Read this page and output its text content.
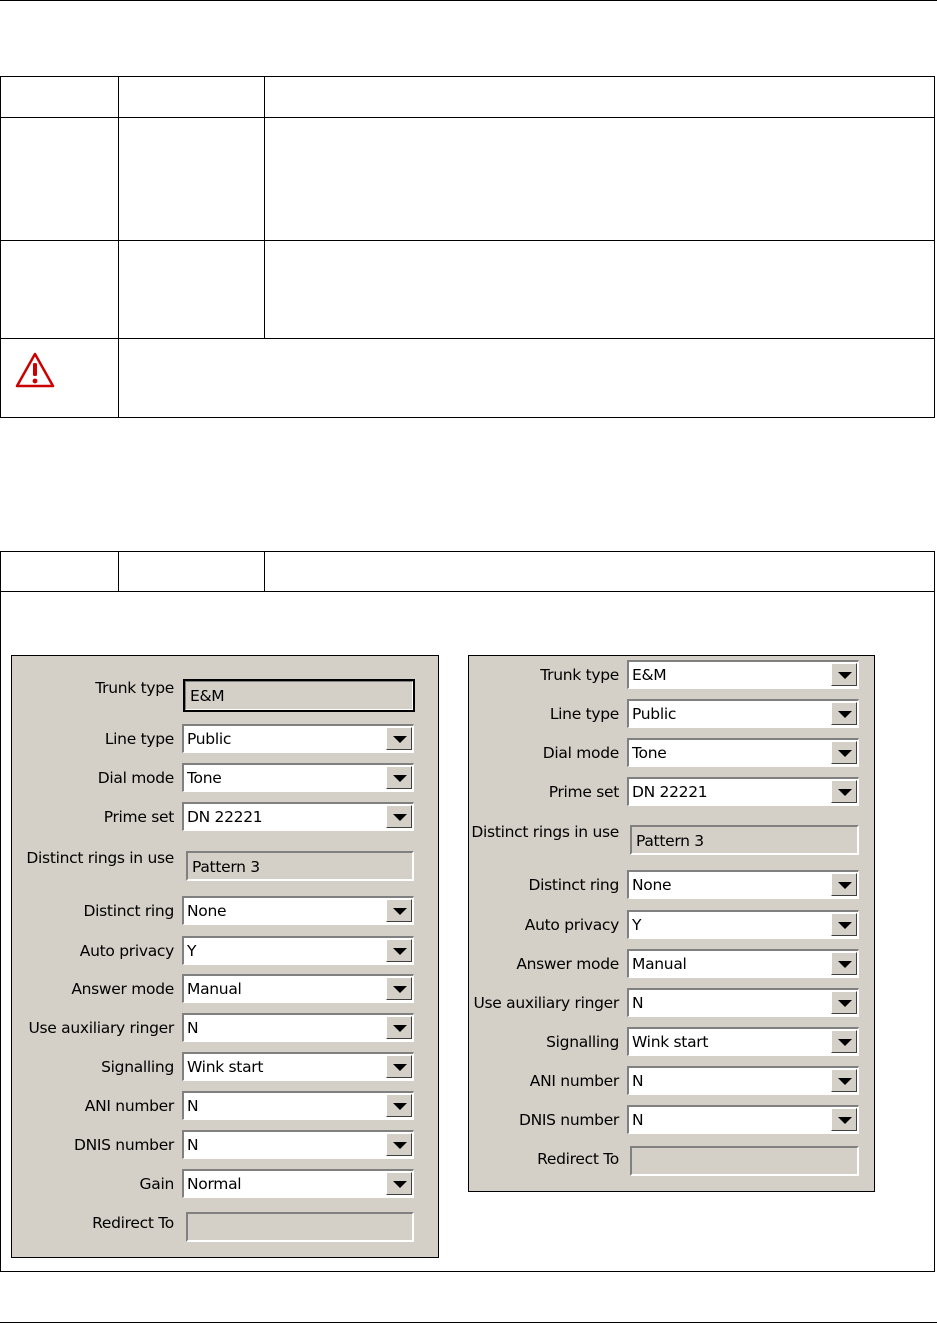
Trunk type E&M
Line type Public
Dial mode Tone
Prime set DN 22221
Distinct rings in use Pattern 3
Distinct ring None
Auto privacy Y
Answer mode Manual
Use auxiliary ringer N
Signalling Wink start
ANI number N
DNIS number N
Gain Normal
Redirect To
Trunk type E&M
Line type Public
Dial mode Tone
Prime set DN 22221
Distinct rings in use Pattern 3
Distinct ring None
Auto privacy Y
Answer mode Manual
Use auxiliary ringer N
Signalling Wink start
ANI number N
DNIS number N
Redirect To
